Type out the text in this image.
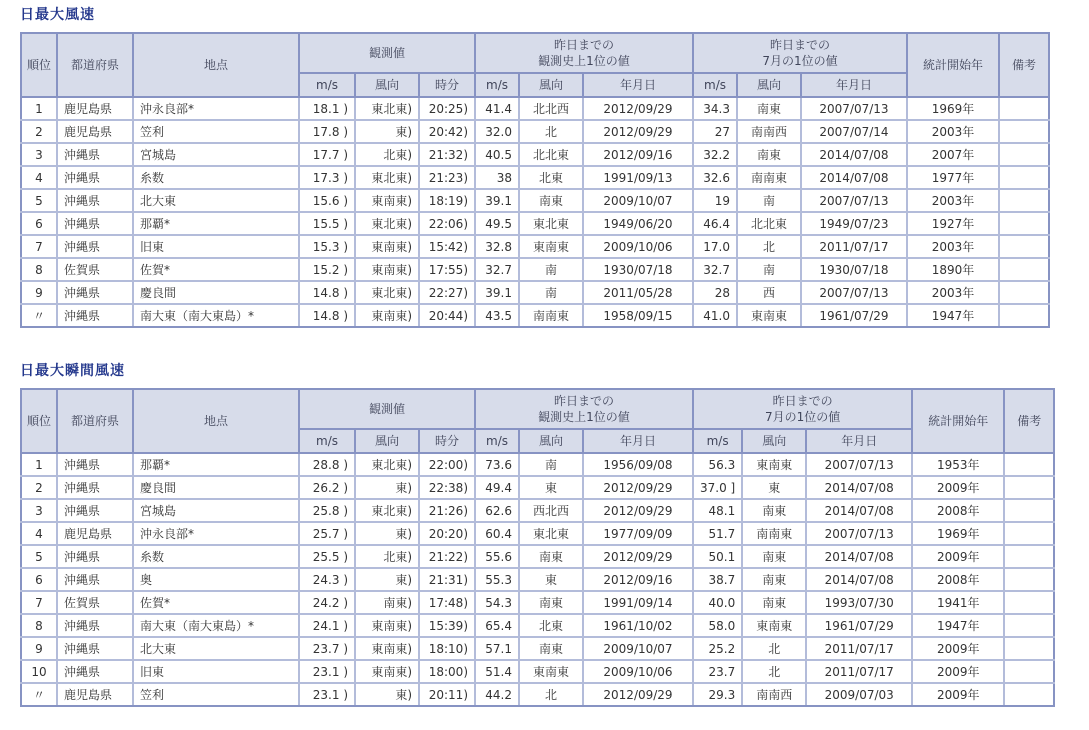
日最大風速
順位	都道府県	地点	観測値			昨日までの
観測史上1位の値			昨日までの
7月の1位の値			統計開始年	備考
			m/s	風向	時分	m/s	風向	年月日	m/s	風向	年月日		
1	鹿児島県	沖永良部*	18.1 )	東北東)	20:25)	41.4	北北西	2012/09/29	34.3	南東	2007/07/13	1969年	
2	鹿児島県	笠利	17.8 )	東)	20:42)	32.0	北	2012/09/29	27	南南西	2007/07/14	2003年	
3	沖縄県	宮城島	17.7 )	北東)	21:32)	40.5	北北東	2012/09/16	32.2	南東	2014/07/08	2007年	
4	沖縄県	糸数	17.3 )	東北東)	21:23)	38	北東	1991/09/13	32.6	南南東	2014/07/08	1977年	
5	沖縄県	北大東	15.6 )	東南東)	18:19)	39.1	南東	2009/10/07	19	南	2007/07/13	2003年	
6	沖縄県	那覇*	15.5 )	東北東)	22:06)	49.5	東北東	1949/06/20	46.4	北北東	1949/07/23	1927年	
7	沖縄県	旧東	15.3 )	東南東)	15:42)	32.8	東南東	2009/10/06	17.0	北	2011/07/17	2003年	
8	佐賀県	佐賀*	15.2 )	東南東)	17:55)	32.7	南	1930/07/18	32.7	南	1930/07/18	1890年	
9	沖縄県	慶良間	14.8 )	東北東)	22:27)	39.1	南	2011/05/28	28	西	2007/07/13	2003年	
〃	沖縄県	南大東（南大東島）*	14.8 )	東南東)	20:44)	43.5	南南東	1958/09/15	41.0	東南東	1961/07/29	1947年	
日最大瞬間風速
順位	都道府県	地点	観測値			昨日までの
観測史上1位の値			昨日までの
7月の1位の値			統計開始年	備考
			m/s	風向	時分	m/s	風向	年月日	m/s	風向	年月日		
1	沖縄県	那覇*	28.8 )	東北東)	22:00)	73.6	南	1956/09/08	56.3	東南東	2007/07/13	1953年	
2	沖縄県	慶良間	26.2 )	東)	22:38)	49.4	東	2012/09/29	37.0 ]	東	2014/07/08	2009年	
3	沖縄県	宮城島	25.8 )	東北東)	21:26)	62.6	西北西	2012/09/29	48.1	南東	2014/07/08	2008年	
4	鹿児島県	沖永良部*	25.7 )	東)	20:20)	60.4	東北東	1977/09/09	51.7	南南東	2007/07/13	1969年	
5	沖縄県	糸数	25.5 )	北東)	21:22)	55.6	南東	2012/09/29	50.1	南東	2014/07/08	2009年	
6	沖縄県	奥	24.3 )	東)	21:31)	55.3	東	2012/09/16	38.7	南東	2014/07/08	2008年	
7	佐賀県	佐賀*	24.2 )	南東)	17:48)	54.3	南東	1991/09/14	40.0	南東	1993/07/30	1941年	
8	沖縄県	南大東（南大東島）*	24.1 )	東南東)	15:39)	65.4	北東	1961/10/02	58.0	東南東	1961/07/29	1947年	
9	沖縄県	北大東	23.7 )	東南東)	18:10)	57.1	南東	2009/10/07	25.2	北	2011/07/17	2009年	
10	沖縄県	旧東	23.1 )	東南東)	18:00)	51.4	東南東	2009/10/06	23.7	北	2011/07/17	2009年	
〃	鹿児島県	笠利	23.1 )	東)	20:11)	44.2	北	2012/09/29	29.3	南南西	2009/07/03	2009年	
